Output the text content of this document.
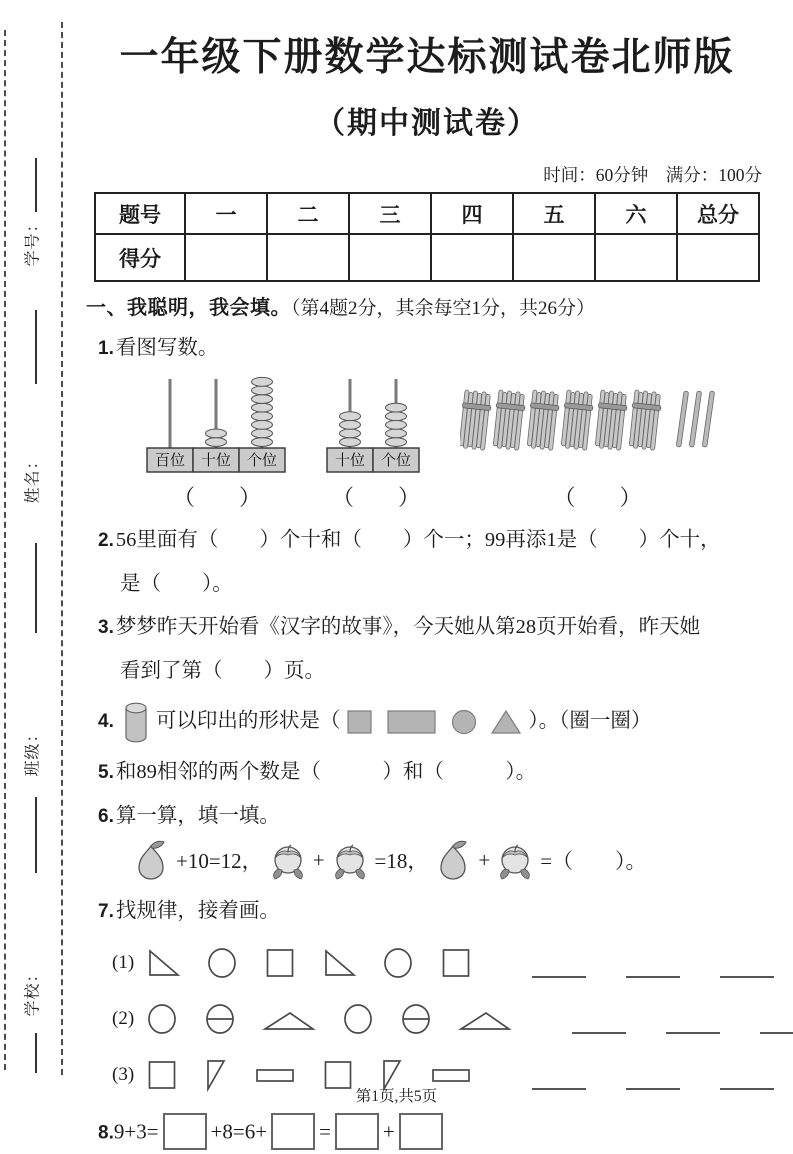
学号：
姓名：
班级：
学校：
一年级下册数学达标测试卷北师版
（期中测试卷）
时间：60分钟　满分：100分
题号	一	二	三	四	五	六	总分
得分							
一、我聪明，我会填。（第4题2分，其余每空1分，共26分）
1.看图写数。
百位 十位 个位	十位 个位
（　　）	（　　）	（　　）
2.56里面有（　　）个十和（　　）个一；99再添1是（　　）个十，
是（　　）。
3.梦梦昨天开始看《汉字的故事》，今天她从第28页开始看，昨天她
看到了第（　　）页。
4. 可以印出的形状是（	）。（圈一圈）
5.和89相邻的两个数是（　　　）和（　　　）。
6.算一算，填一填。
+10=12， + =18， + =（　　）。
7.找规律，接着画。
(1)
(2)
(3)
8.9+3= +8=6+ = +
第1页,共5页
